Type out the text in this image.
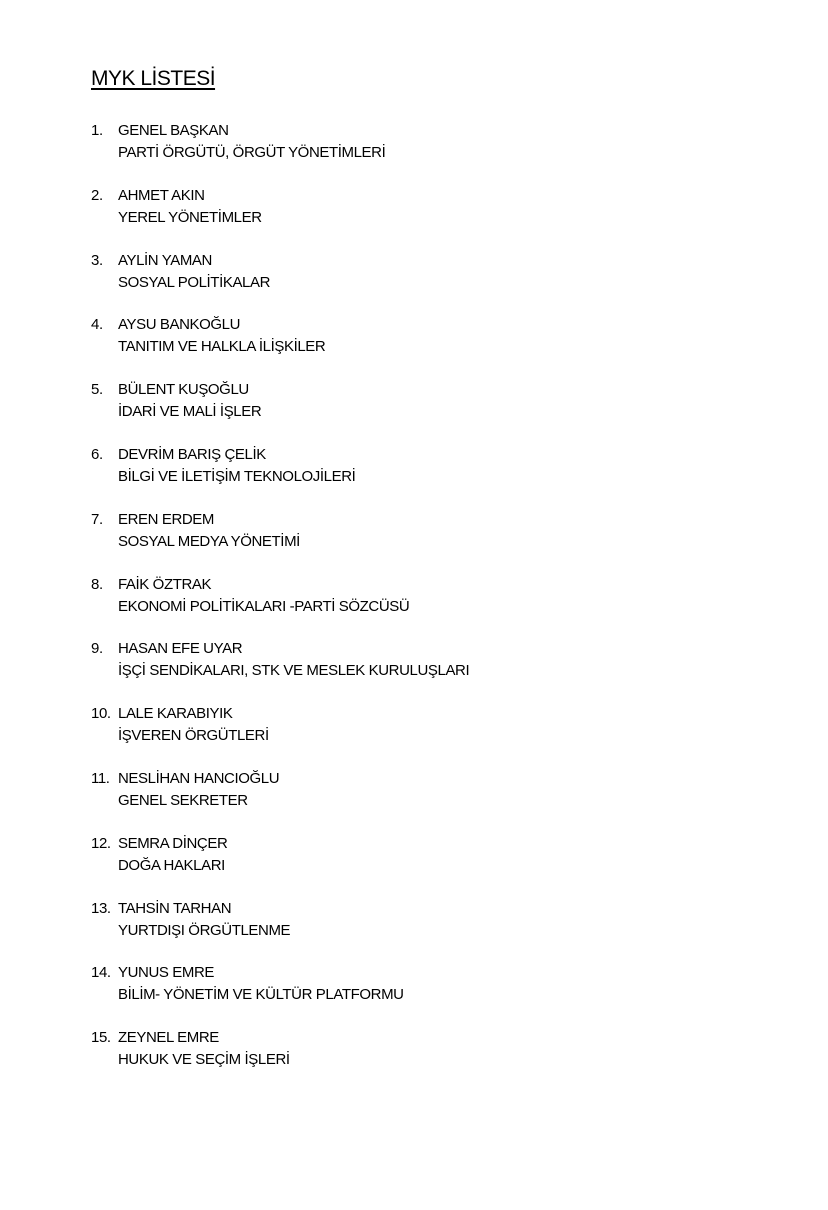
MYK LİSTESİ
1.	GENEL BAŞKAN
PARTİ ÖRGÜTÜ, ÖRGÜT YÖNETİMLERİ
2.	AHMET AKIN
YEREL YÖNETİMLER
3.	AYLİN YAMAN
SOSYAL POLİTİKALAR
4.	AYSU BANKOĞLU
TANITIM VE HALKLA İLİŞKİLER
5.	BÜLENT KUŞOĞLU
İDARİ VE MALİ İŞLER
6.	DEVRİM BARIŞ ÇELİK
BİLGİ VE İLETİŞİM TEKNOLOJİLERİ
7.	EREN ERDEM
SOSYAL MEDYA YÖNETİMİ
8.	FAİK ÖZTRAK
EKONOMİ POLİTİKALARI -PARTİ SÖZCÜSÜ
9.	HASAN EFE UYAR
İŞÇİ SENDİKALARI, STK VE MESLEK KURULUŞLARI
10. LALE KARABIYIK
İŞVEREN ÖRGÜTLERİ
11. NESLİHAN HANCIOĞLU
GENEL SEKRETER
12. SEMRA DİNÇER
DOĞA HAKLARI
13. TAHSİN TARHAN
YURTDIŞI ÖRGÜTLENME
14. YUNUS EMRE
BİLİM- YÖNETİM VE KÜLTÜR PLATFORMU
15. ZEYNEL EMRE
HUKUK VE SEÇİM İŞLERİ
